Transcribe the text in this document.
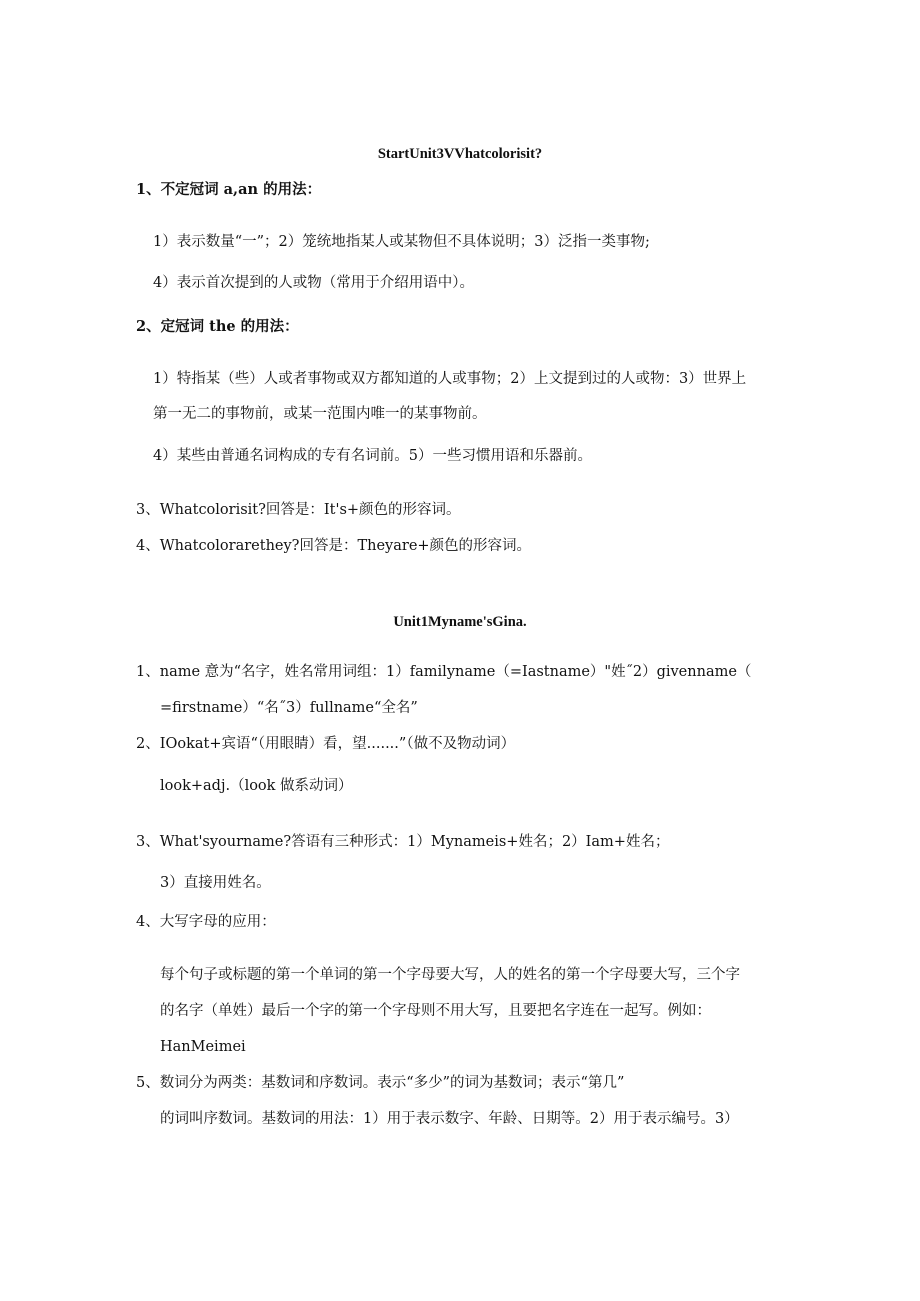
StartUnit3VVhatcolorisit?
1、不定冠词 a,an 的用法：
1）表示数量“一”；2）笼统地指某人或某物但不具体说明；3）泛指一类事物;
4）表示首次提到的人或物（常用于介绍用语中）。
2、定冠词 the 的用法：
1）特指某（些）人或者事物或双方都知道的人或事物；2）上文提到过的人或物：3）世界上
第一无二的事物前，或某一范围内唯一的某事物前。
4）某些由普通名词构成的专有名词前。5）一些习惯用语和乐器前。
3、Whatcolorisit?回答是：It's+颜色的形容词。
4、Whatcolorarethey?回答是：Theyare+颜色的形容词。
Unit1Myname'sGina.
1、name 意为“名字，姓名常用词组：1）familyname（=Iastname）"姓˝2）givenname（
=firstname）“名˝3）fullname“全名”
2、IOokat+宾语“（用眼睛）看，望.......”（做不及物动词）
look+adj.（look 做系动词）
3、What'syourname?答语有三种形式：1）Mynameis+姓名；2）Iam+姓名；
3）直接用姓名。
4、大写字母的应用：
每个句子或标题的第一个单词的第一个字母要大写，人的姓名的第一个字母要大写，三个字
的名字（单姓）最后一个字的第一个字母则不用大写，且要把名字连在一起写。例如：
HanMeimei
5、数词分为两类：基数词和序数词。表示“多少”的词为基数词；表示“第几”
的词叫序数词。基数词的用法：1）用于表示数字、年龄、日期等。2）用于表示编号。3）
